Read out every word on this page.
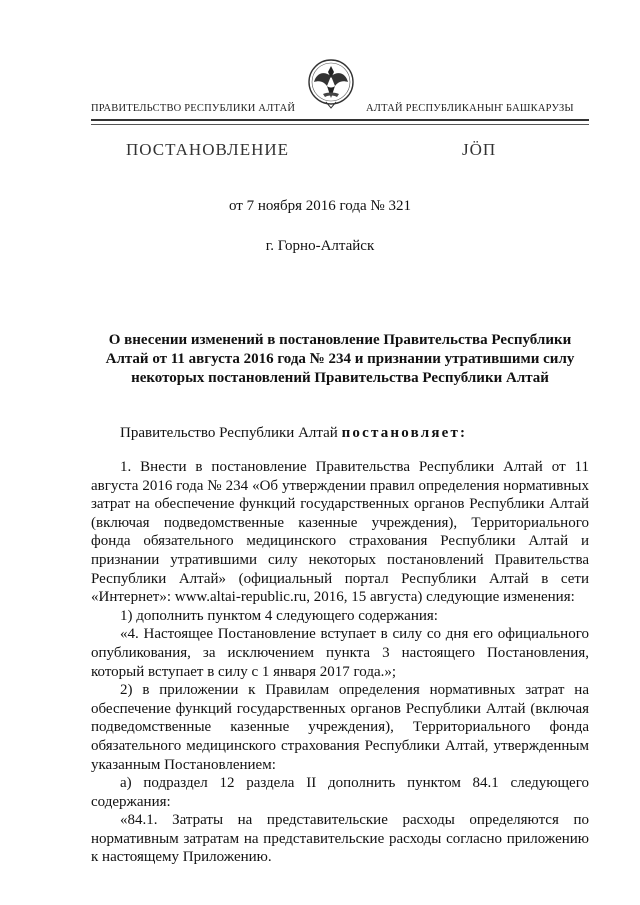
ПРАВИТЕЛЬСТВО РЕСПУБЛИКИ АЛТАЙ	АЛТАЙ РЕСПУБЛИКАНЫҤ БАШКАРУЗЫ
ПОСТАНОВЛЕНИЕ	JӦП
от 7 ноября 2016 года № 321
г. Горно-Алтайск
О внесении изменений в постановление Правительства Республики
Алтай от 11 августа 2016 года № 234 и признании утратившими силу
некоторых постановлений Правительства Республики Алтай
Правительство Республики Алтай постановляет:
1. Внести в постановление Правительства Республики Алтай от 11
августа 2016 года № 234 «Об утверждении правил определения нормативных
затрат на обеспечение функций государственных органов Республики Алтай
(включая подведомственные казенные учреждения), Территориального
фонда обязательного медицинского страхования Республики Алтай и
признании утратившими силу некоторых постановлений Правительства
Республики Алтай» (официальный портал Республики Алтай в сети
«Интернет»: www.altai-republic.ru, 2016, 15 августа) следующие изменения:
1) дополнить пунктом 4 следующего содержания:
«4. Настоящее Постановление вступает в силу со дня его официального
опубликования, за исключением пункта 3 настоящего Постановления,
который вступает в силу с 1 января 2017 года.»;
2) в приложении к Правилам определения нормативных затрат на
обеспечение функций государственных органов Республики Алтай (включая
подведомственные казенные учреждения), Территориального фонда
обязательного медицинского страхования Республики Алтай, утвержденным
указанным Постановлением:
а) подраздел 12 раздела II дополнить пунктом 84.1 следующего
содержания:
«84.1. Затраты на представительские расходы определяются по
нормативным затратам на представительские расходы согласно приложению
к настоящему Приложению.
